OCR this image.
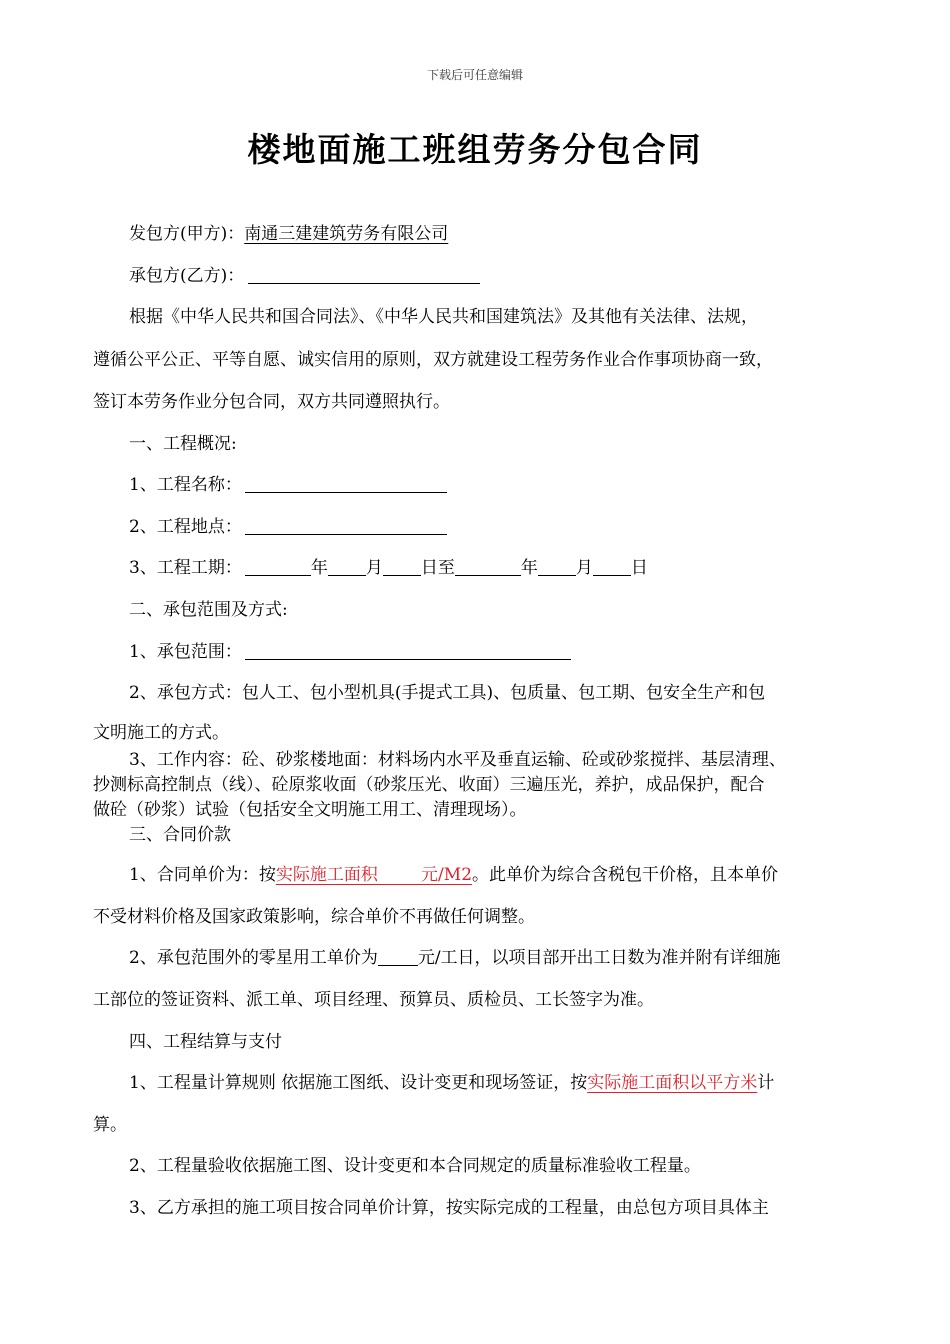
下载后可任意编辑
楼地面施工班组劳务分包合同
发包方(甲方)：南通三建建筑劳务有限公司
承包方(乙方)：
根据《中华人民共和国合同法》、《中华人民共和国建筑法》及其他有关法律、法规，
遵循公平公正、平等自愿、诚实信用的原则，双方就建设工程劳务作业合作事项协商一致，
签订本劳务作业分包合同，双方共同遵照执行。
一、工程概况:
1、工程名称：
2、工程地点：
3、工程工期：	年 月 日至	年 月 日
二、承包范围及方式:
1、承包范围：
2、承包方式：包人工、包小型机具(手提式工具)、包质量、包工期、包安全生产和包
文明施工的方式。
3、工作内容：砼、砂浆楼地面：材料场内水平及垂直运输、砼或砂浆搅拌、基层清理、
抄测标高控制点（线）、砼原浆收面（砂浆压光、收面）三遍压光，养护，成品保护，配合
做砼（砂浆）试验（包括安全文明施工用工、清理现场）。
三、合同价款
1、合同单价为：按实际施工面积        元/M2。此单价为综合含税包干价格，且本单价
不受材料价格及国家政策影响，综合单价不再做任何调整。
2、承包范围外的零星用工单价为 元/工日，以项目部开出工日数为准并附有详细施
工部位的签证资料、派工单、项目经理、预算员、质检员、工长签字为准。
四、工程结算与支付
1、工程量计算规则 依据施工图纸、设计变更和现场签证，按实际施工面积以平方米计
算。
2、工程量验收依据施工图、设计变更和本合同规定的质量标准验收工程量。
3、乙方承担的施工项目按合同单价计算，按实际完成的工程量，由总包方项目具体主
